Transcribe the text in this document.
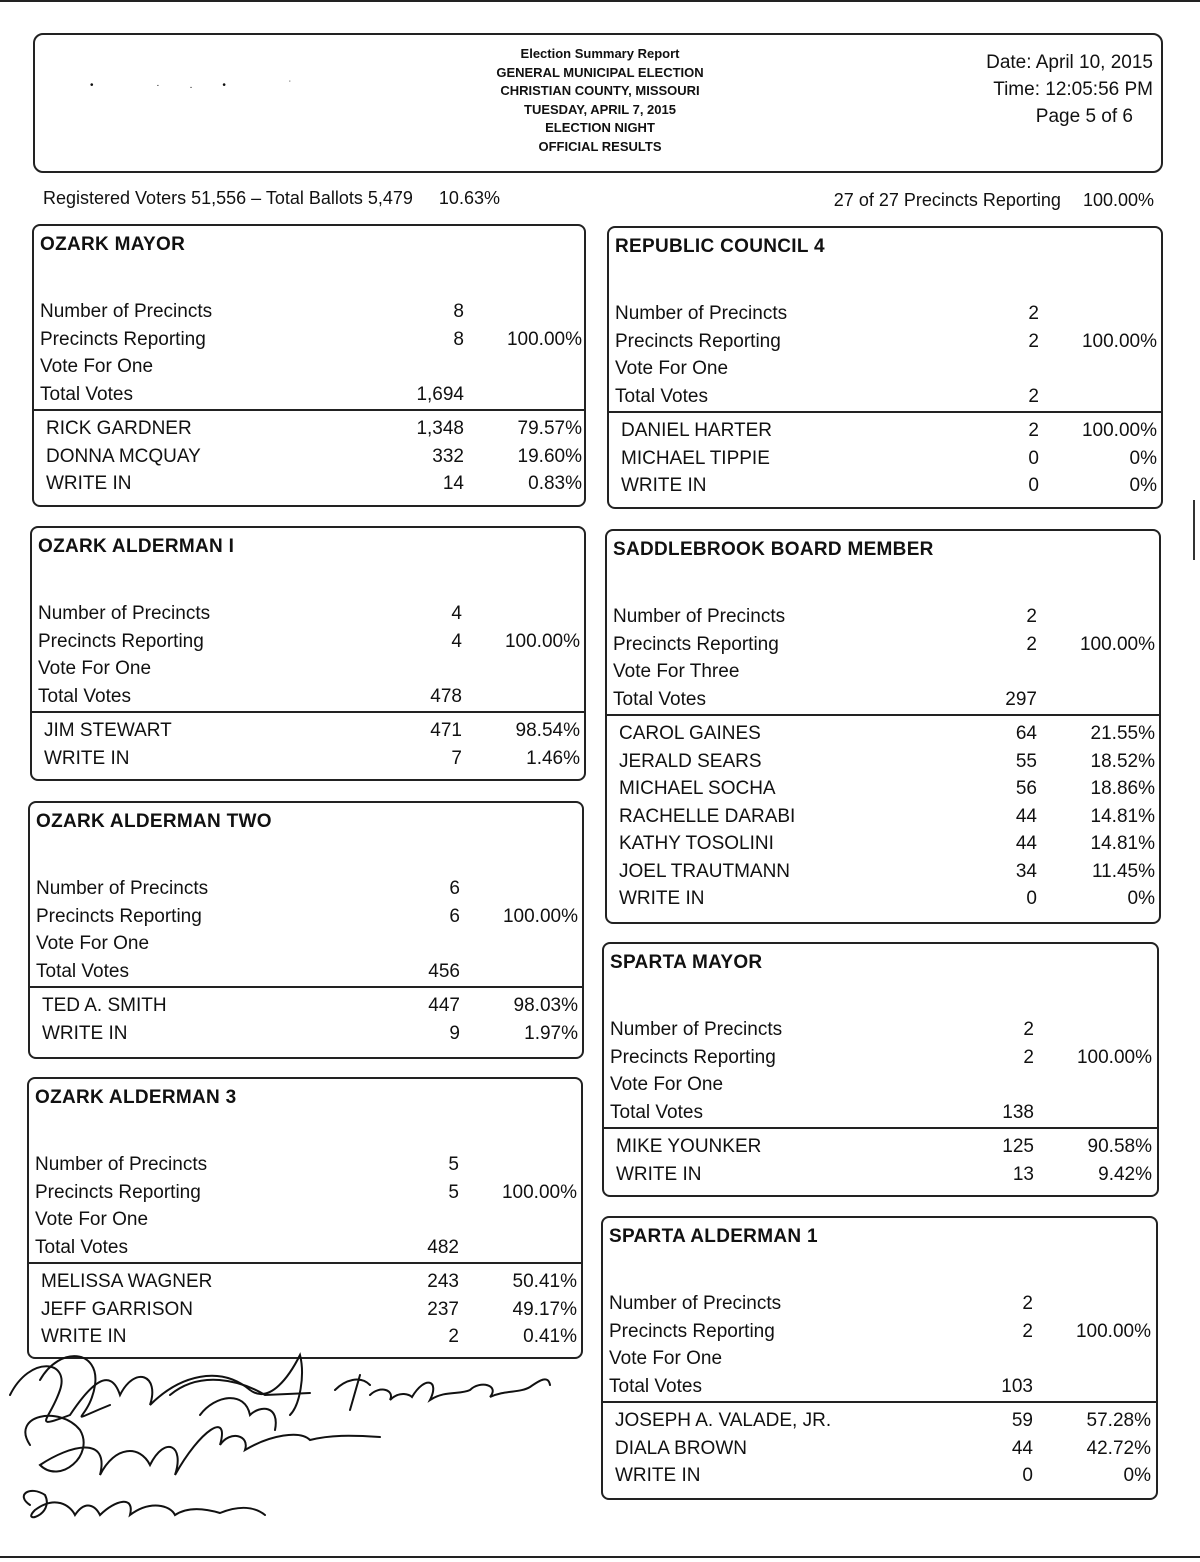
• ·.• ˙
Election Summary Report
GENERAL MUNICIPAL ELECTION
CHRISTIAN COUNTY, MISSOURI
TUESDAY, APRIL 7, 2015
ELECTION NIGHT
OFFICIAL RESULTS
Date: April 10, 2015
Time: 12:05:56 PM
Page 5 of 6
Registered Voters 51,556 – Total Ballots 5,479 10.63%	27 of 27 Precincts Reporting 100.00%
OZARK MAYOR
Number of Precincts	8
Precincts Reporting	8	100.00%
Vote For One
Total Votes	1,694
RICK GARDNER	1,348	79.57%
DONNA MCQUAY	332	19.60%
WRITE IN	14	0.83%
OZARK ALDERMAN I
Number of Precincts	4
Precincts Reporting	4	100.00%
Vote For One
Total Votes	478
JIM STEWART	471	98.54%
WRITE IN	7	1.46%
OZARK ALDERMAN TWO
Number of Precincts	6
Precincts Reporting	6	100.00%
Vote For One
Total Votes	456
TED A. SMITH	447	98.03%
WRITE IN	9	1.97%
OZARK ALDERMAN 3
Number of Precincts	5
Precincts Reporting	5	100.00%
Vote For One
Total Votes	482
MELISSA WAGNER	243	50.41%
JEFF GARRISON	237	49.17%
WRITE IN	2	0.41%
REPUBLIC COUNCIL 4
Number of Precincts	2
Precincts Reporting	2	100.00%
Vote For One
Total Votes	2
DANIEL HARTER	2	100.00%
MICHAEL TIPPIE	0	0%
WRITE IN	0	0%
SADDLEBROOK BOARD MEMBER
Number of Precincts	2
Precincts Reporting	2	100.00%
Vote For Three
Total Votes	297
CAROL GAINES	64	21.55%
JERALD SEARS	55	18.52%
MICHAEL SOCHA	56	18.86%
RACHELLE DARABI	44	14.81%
KATHY TOSOLINI	44	14.81%
JOEL TRAUTMANN	34	11.45%
WRITE IN	0	0%
SPARTA MAYOR
Number of Precincts	2
Precincts Reporting	2	100.00%
Vote For One
Total Votes	138
MIKE YOUNKER	125	90.58%
WRITE IN	13	9.42%
SPARTA ALDERMAN 1
Number of Precincts	2
Precincts Reporting	2	100.00%
Vote For One
Total Votes	103
JOSEPH A. VALADE, JR.	59	57.28%
DIALA BROWN	44	42.72%
WRITE IN	0	0%
